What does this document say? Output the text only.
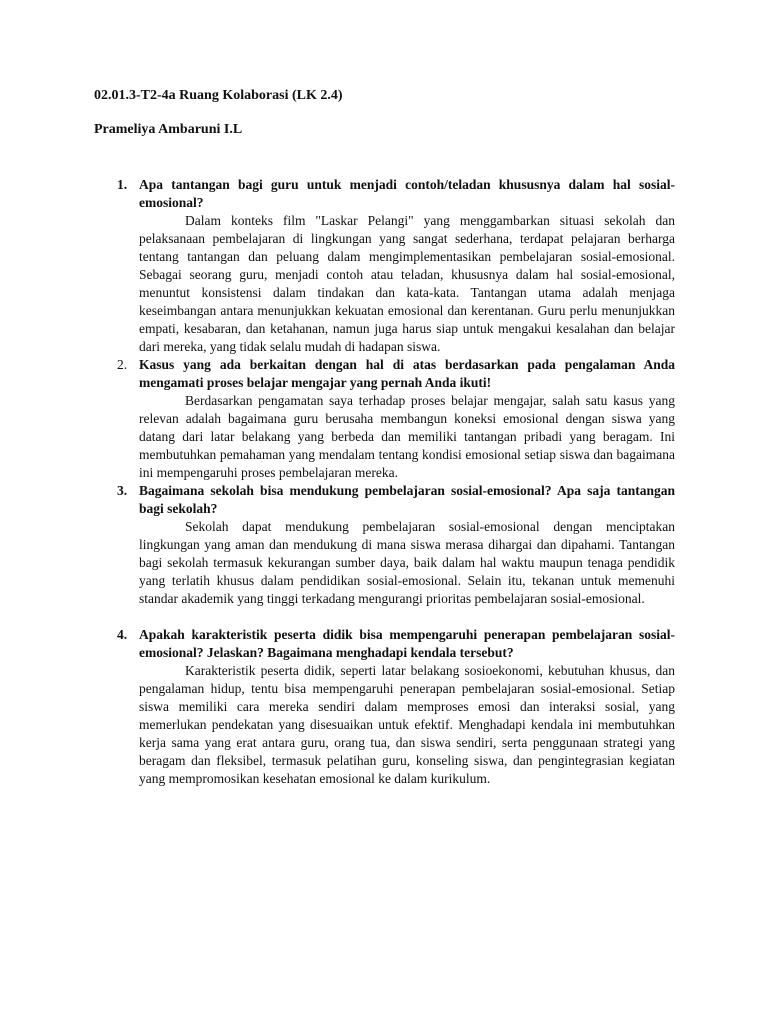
02.01.3-T2-4a Ruang Kolaborasi (LK 2.4)

Prameliya Ambaruni I.L

1. Apa tantangan bagi guru untuk menjadi contoh/teladan khususnya dalam hal sosial-emosional?

Dalam konteks film "Laskar Pelangi" yang menggambarkan situasi sekolah dan pelaksanaan pembelajaran di lingkungan yang sangat sederhana, terdapat pelajaran berharga tentang tantangan dan peluang dalam mengimplementasikan pembelajaran sosial-emosional. Sebagai seorang guru, menjadi contoh atau teladan, khususnya dalam hal sosial-emosional, menuntut konsistensi dalam tindakan dan kata-kata. Tantangan utama adalah menjaga keseimbangan antara menunjukkan kekuatan emosional dan kerentanan. Guru perlu menunjukkan empati, kesabaran, dan ketahanan, namun juga harus siap untuk mengakui kesalahan dan belajar dari mereka, yang tidak selalu mudah di hadapan siswa.

2. Kasus yang ada berkaitan dengan hal di atas berdasarkan pada pengalaman Anda mengamati proses belajar mengajar yang pernah Anda ikuti!

Berdasarkan pengamatan saya terhadap proses belajar mengajar, salah satu kasus yang relevan adalah bagaimana guru berusaha membangun koneksi emosional dengan siswa yang datang dari latar belakang yang berbeda dan memiliki tantangan pribadi yang beragam. Ini membutuhkan pemahaman yang mendalam tentang kondisi emosional setiap siswa dan bagaimana ini mempengaruhi proses pembelajaran mereka.

3. Bagaimana sekolah bisa mendukung pembelajaran sosial-emosional? Apa saja tantangan bagi sekolah?

Sekolah dapat mendukung pembelajaran sosial-emosional dengan menciptakan lingkungan yang aman dan mendukung di mana siswa merasa dihargai dan dipahami. Tantangan bagi sekolah termasuk kekurangan sumber daya, baik dalam hal waktu maupun tenaga pendidik yang terlatih khusus dalam pendidikan sosial-emosional. Selain itu, tekanan untuk memenuhi standar akademik yang tinggi terkadang mengurangi prioritas pembelajaran sosial-emosional.

4. Apakah karakteristik peserta didik bisa mempengaruhi penerapan pembelajaran sosial-emosional? Jelaskan? Bagaimana menghadapi kendala tersebut?

Karakteristik peserta didik, seperti latar belakang sosioekonomi, kebutuhan khusus, dan pengalaman hidup, tentu bisa mempengaruhi penerapan pembelajaran sosial-emosional. Setiap siswa memiliki cara mereka sendiri dalam memproses emosi dan interaksi sosial, yang memerlukan pendekatan yang disesuaikan untuk efektif. Menghadapi kendala ini membutuhkan kerja sama yang erat antara guru, orang tua, dan siswa sendiri, serta penggunaan strategi yang beragam dan fleksibel, termasuk pelatihan guru, konseling siswa, dan pengintegrasian kegiatan yang mempromosikan kesehatan emosional ke dalam kurikulum.
